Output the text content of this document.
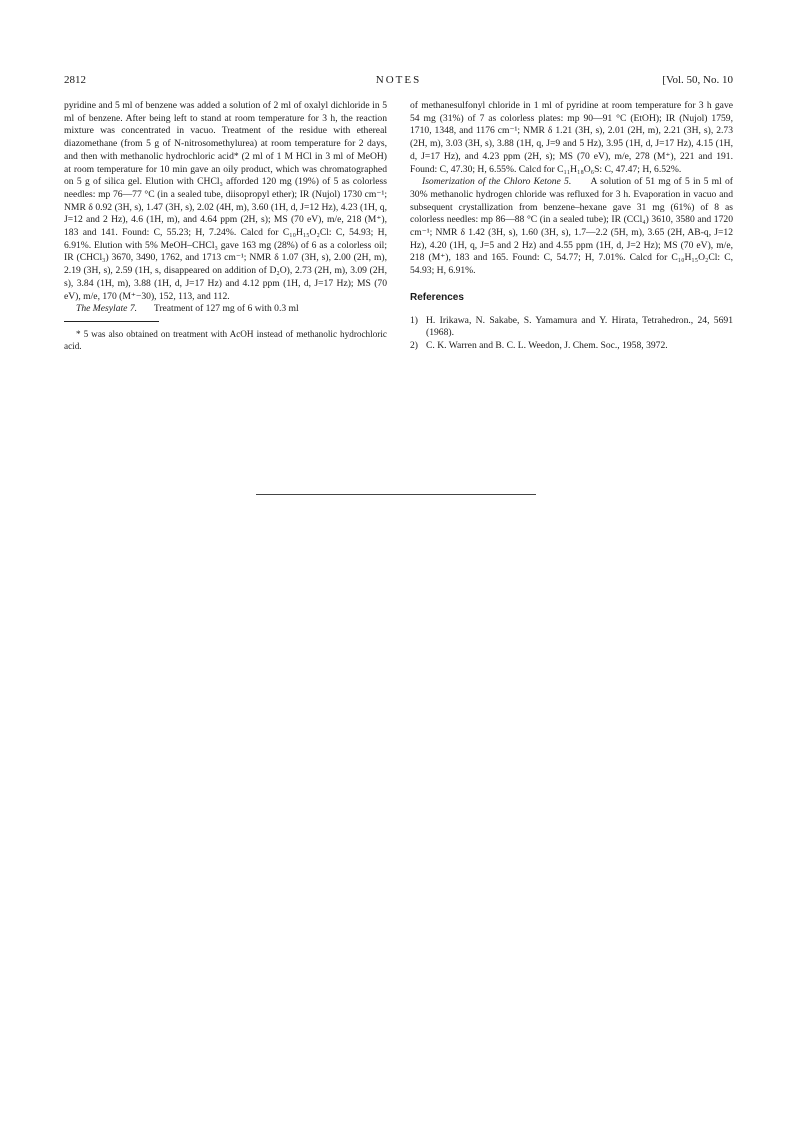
2812	NOTES	[Vol. 50, No. 10

pyridine and 5 ml of benzene was added a solution of 2 ml of oxalyl dichloride in 5 ml of benzene. After being left to stand at room temperature for 3 h, the reaction mixture was concentrated in vacuo. Treatment of the residue with ethereal diazomethane (from 5 g of N-nitrosomethylurea) at room temperature for 2 days, and then with methanolic hydrochloric acid* (2 ml of 1 M HCl in 3 ml of MeOH) at room temperature for 10 min gave an oily product, which was chromatographed on 5 g of silica gel. Elution with CHCl₃ afforded 120 mg (19%) of 5 as colorless needles: mp 76—77 °C (in a sealed tube, diisopropyl ether); IR (Nujol) 1730 cm⁻¹; NMR δ 0.92 (3H, s), 1.47 (3H, s), 2.02 (4H, m), 3.60 (1H, d, J=12 Hz), 4.23 (1H, q, J=12 and 2 Hz), 4.6 (1H, m), and 4.64 ppm (2H, s); MS (70 eV), m/e, 218 (M⁺), 183 and 141. Found: C, 55.23; H, 7.24%. Calcd for C₁₀H₁₅O₂Cl: C, 54.93; H, 6.91%. Elution with 5% MeOH–CHCl₃ gave 163 mg (28%) of 6 as a colorless oil; IR (CHCl₃) 3670, 3490, 1762, and 1713 cm⁻¹; NMR δ 1.07 (3H, s), 2.00 (2H, m), 2.19 (3H, s), 2.59 (1H, s, disappeared on addition of D₂O), 2.73 (2H, m), 3.09 (2H, s), 3.84 (1H, m), 3.88 (1H, d, J=17 Hz) and 4.12 ppm (1H, d, J=17 Hz); MS (70 eV), m/e, 170 (M⁺−30), 152, 113, and 112.

The Mesylate 7. Treatment of 127 mg of 6 with 0.3 ml

* 5 was also obtained on treatment with AcOH instead of methanolic hydrochloric acid.

of methanesulfonyl chloride in 1 ml of pyridine at room temperature for 3 h gave 54 mg (31%) of 7 as colorless plates: mp 90—91 °C (EtOH); IR (Nujol) 1759, 1710, 1348, and 1176 cm⁻¹; NMR δ 1.21 (3H, s), 2.01 (2H, m), 2.21 (3H, s), 2.73 (2H, m), 3.03 (3H, s), 3.88 (1H, q, J=9 and 5 Hz), 3.95 (1H, d, J=17 Hz), 4.15 (1H, d, J=17 Hz), and 4.23 ppm (2H, s); MS (70 eV), m/e, 278 (M⁺), 221 and 191. Found: C, 47.30; H, 6.55%. Calcd for C₁₁H₁₈O₆S: C, 47.47; H, 6.52%.

Isomerization of the Chloro Ketone 5. A solution of 51 mg of 5 in 5 ml of 30% methanolic hydrogen chloride was refluxed for 3 h. Evaporation in vacuo and subsequent crystallization from benzene–hexane gave 31 mg (61%) of 8 as colorless needles: mp 86—88 °C (in a sealed tube); IR (CCl₄) 3610, 3580 and 1720 cm⁻¹; NMR δ 1.42 (3H, s), 1.60 (3H, s), 1.7—2.2 (5H, m), 3.65 (2H, AB-q, J=12 Hz), 4.20 (1H, q, J=5 and 2 Hz) and 4.55 ppm (1H, d, J=2 Hz); MS (70 eV), m/e, 218 (M⁺), 183 and 165. Found: C, 54.77; H, 7.01%. Calcd for C₁₀H₁₅O₂Cl: C, 54.93; H, 6.91%.

References

1) H. Irikawa, N. Sakabe, S. Yamamura and Y. Hirata, Tetrahedron., 24, 5691 (1968).

2) C. K. Warren and B. C. L. Weedon, J. Chem. Soc., 1958, 3972.
